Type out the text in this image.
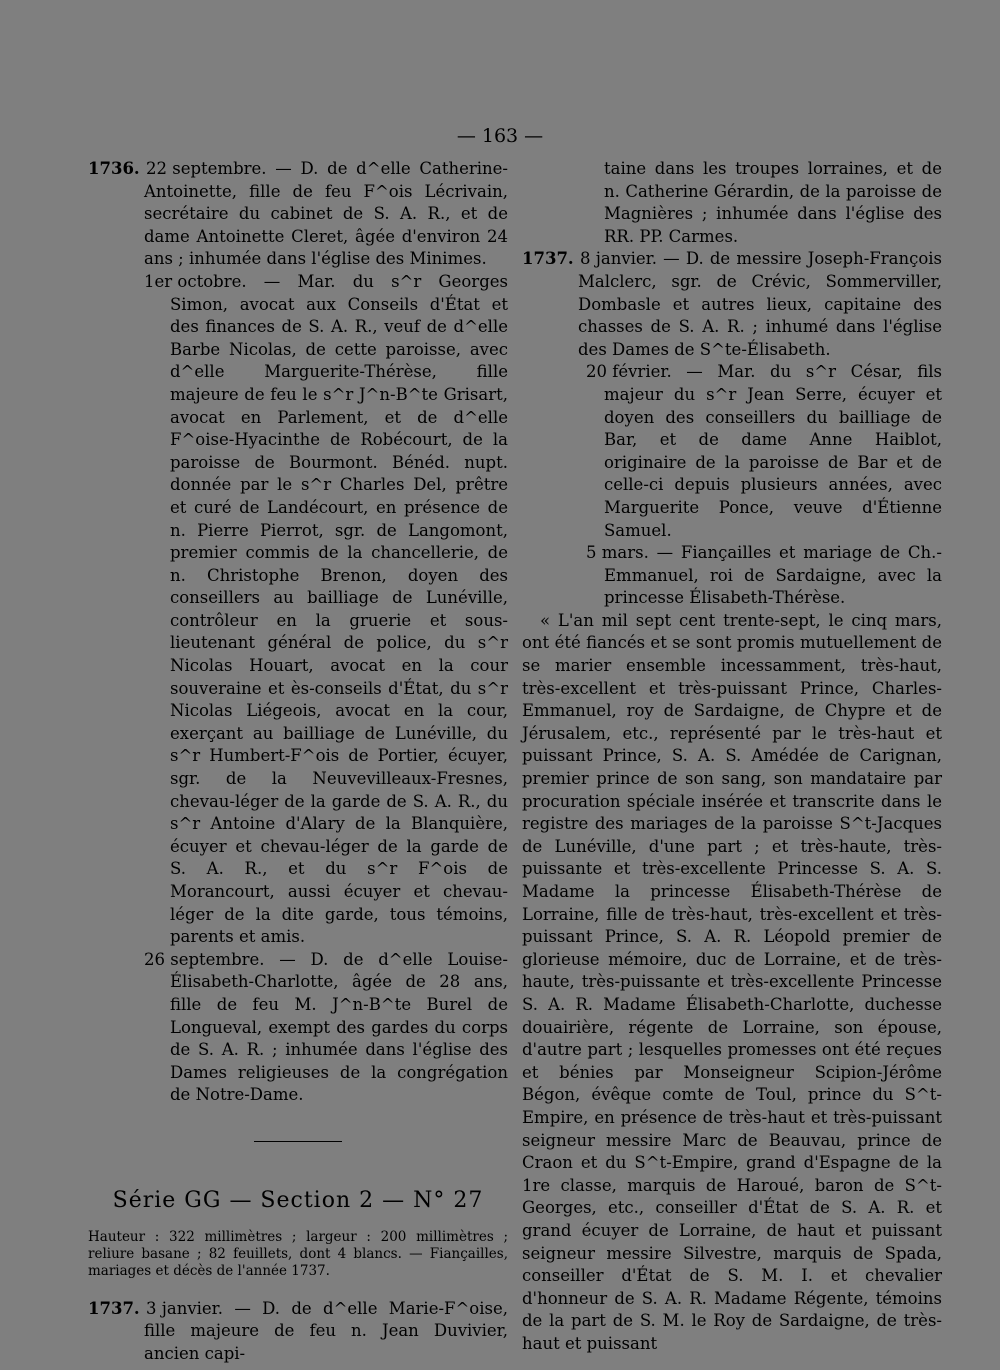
— 163 —
1736. 22 septembre. — D. de d^elle Catherine-Antoinette, fille de feu F^ois Lécrivain, secrétaire du cabinet de S. A. R., et de dame Antoinette Cleret, âgée d'environ 24 ans ; inhumée dans l'église des Minimes.
1er octobre. — Mar. du s^r Georges Simon, avocat aux Conseils d'État et des finances de S. A. R., veuf de d^elle Barbe Nicolas, de cette paroisse, avec d^elle Marguerite-Thérèse, fille majeure de feu le s^r J^n-B^te Grisart, avocat en Parlement, et de d^elle F^oise-Hyacinthe de Robécourt, de la paroisse de Bourmont. Bénéd. nupt. donnée par le s^r Charles Del, prêtre et curé de Landécourt, en présence de n. Pierre Pierrot, sgr. de Langomont, premier commis de la chancellerie, de n. Christophe Brenon, doyen des conseillers au bailliage de Lunéville, contrôleur en la gruerie et sous-lieutenant général de police, du s^r Nicolas Houart, avocat en la cour souveraine et ès-conseils d'État, du s^r Nicolas Liégeois, avocat en la cour, exerçant au bailliage de Lunéville, du s^r Humbert-F^ois de Portier, écuyer, sgr. de la Neuvevilleaux-Fresnes, chevau-léger de la garde de S. A. R., du s^r Antoine d'Alary de la Blanquière, écuyer et chevau-léger de la garde de S. A. R., et du s^r F^ois de Morancourt, aussi écuyer et chevau-léger de la dite garde, tous témoins, parents et amis.
26 septembre. — D. de d^elle Louise-Élisabeth-Charlotte, âgée de 28 ans, fille de feu M. J^n-B^te Burel de Longueval, exempt des gardes du corps de S. A. R. ; inhumée dans l'église des Dames religieuses de la congrégation de Notre-Dame.
Série GG — Section 2 — N° 27
Hauteur : 322 millimètres ; largeur : 200 millimètres ; reliure basane ; 82 feuillets, dont 4 blancs. — Fiançailles, mariages et décès de l'année 1737.
1737. 3 janvier. — D. de d^elle Marie-F^oise, fille majeure de feu n. Jean Duvivier, ancien capi-
taine dans les troupes lorraines, et de n. Catherine Gérardin, de la paroisse de Magnières ; inhumée dans l'église des RR. PP. Carmes.
1737. 8 janvier. — D. de messire Joseph-François Malclerc, sgr. de Crévic, Sommerviller, Dombasle et autres lieux, capitaine des chasses de S. A. R. ; inhumé dans l'église des Dames de S^te-Élisabeth.
20 février. — Mar. du s^r César, fils majeur du s^r Jean Serre, écuyer et doyen des conseillers du bailliage de Bar, et de dame Anne Haiblot, originaire de la paroisse de Bar et de celle-ci depuis plusieurs années, avec Marguerite Ponce, veuve d'Étienne Samuel.
5 mars. — Fiançailles et mariage de Ch.-Emmanuel, roi de Sardaigne, avec la princesse Élisabeth-Thérèse.
« L'an mil sept cent trente-sept, le cinq mars, ont été fiancés et se sont promis mutuellement de se marier ensemble incessamment, très-haut, très-excellent et très-puissant Prince, Charles-Emmanuel, roy de Sardaigne, de Chypre et de Jérusalem, etc., représenté par le très-haut et puissant Prince, S. A. S. Amédée de Carignan, premier prince de son sang, son mandataire par procuration spéciale insérée et transcrite dans le registre des mariages de la paroisse S^t-Jacques de Lunéville, d'une part ; et très-haute, très-puissante et très-excellente Princesse S. A. S. Madame la princesse Élisabeth-Thérèse de Lorraine, fille de très-haut, très-excellent et très-puissant Prince, S. A. R. Léopold premier de glorieuse mémoire, duc de Lorraine, et de très-haute, très-puissante et très-excellente Princesse S. A. R. Madame Élisabeth-Charlotte, duchesse douairière, régente de Lorraine, son épouse, d'autre part ; lesquelles promesses ont été reçues et bénies par Monseigneur Scipion-Jérôme Bégon, évêque comte de Toul, prince du S^t-Empire, en présence de très-haut et très-puissant seigneur messire Marc de Beauvau, prince de Craon et du S^t-Empire, grand d'Espagne de la 1re classe, marquis de Haroué, baron de S^t-Georges, etc., conseiller d'État de S. A. R. et grand écuyer de Lorraine, de haut et puissant seigneur messire Silvestre, marquis de Spada, conseiller d'État de S. M. I. et chevalier d'honneur de S. A. R. Madame Régente, témoins de la part de S. M. le Roy de Sardaigne, de très-haut et puissant
